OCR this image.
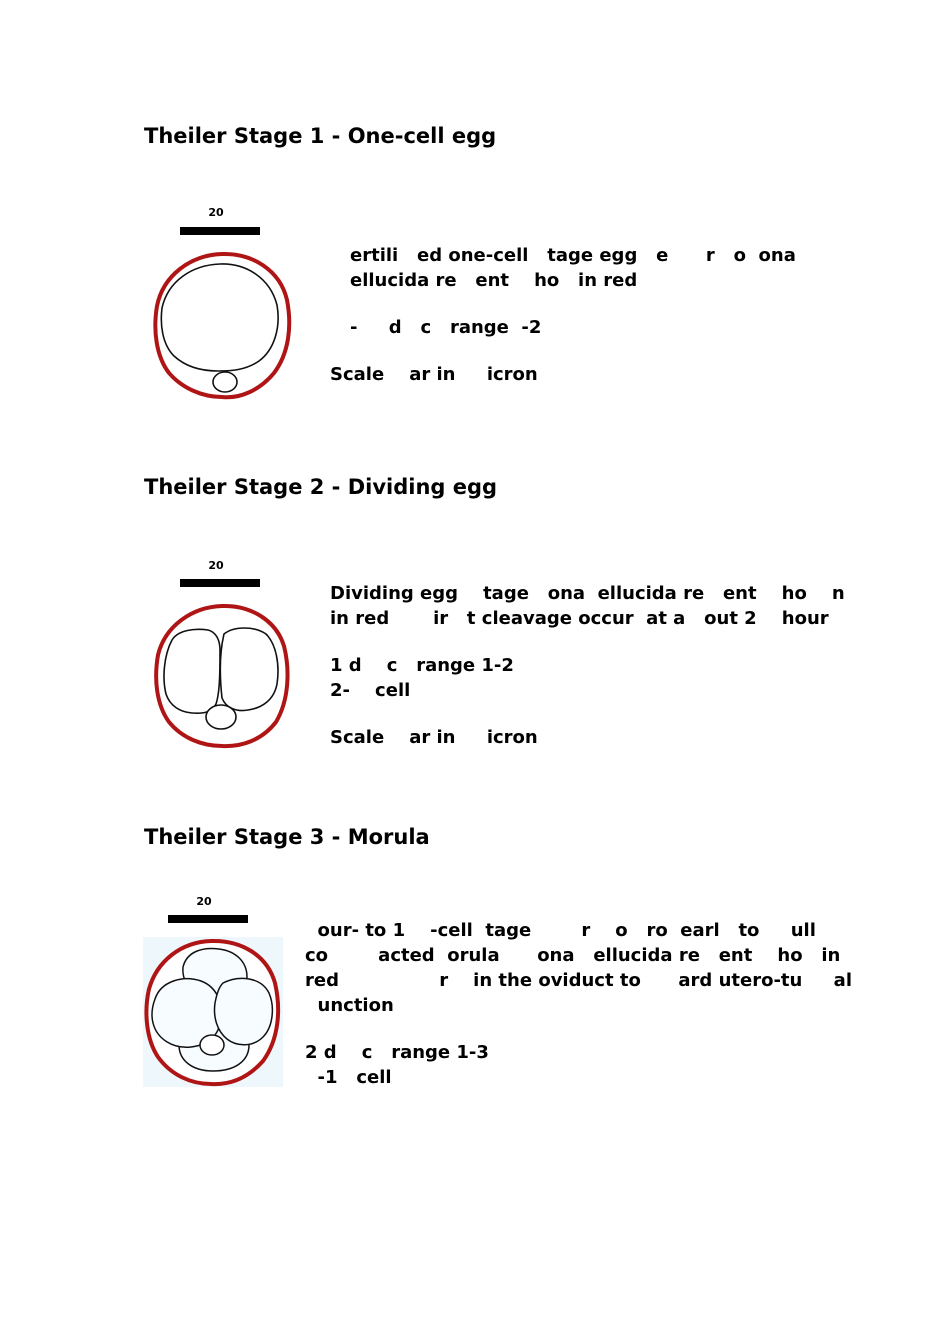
Theiler Stage 1 - One-cell egg
20

ertili   ed one-cell   tage egg   e      r   o  ona

ellucida re   ent    ho   in red

-     d   c   range  -2

Scale    ar in     icron

Theiler Stage 2 - Dividing egg
20

Dividing egg    tage   ona  ellucida re   ent    ho    n

in red       ir   t cleavage occur  at a   out 2    hour

1 d    c   range 1-2

2-    cell

Scale    ar in     icron

Theiler Stage 3 - Morula
20

our- to 1    -cell  tage        r    o   ro  earl   to     ull

co        acted  orula      ona   ellucida re   ent    ho   in

red                r    in the oviduct to      ard utero-tu     al

unction

2 d    c   range 1-3

-1   cell
